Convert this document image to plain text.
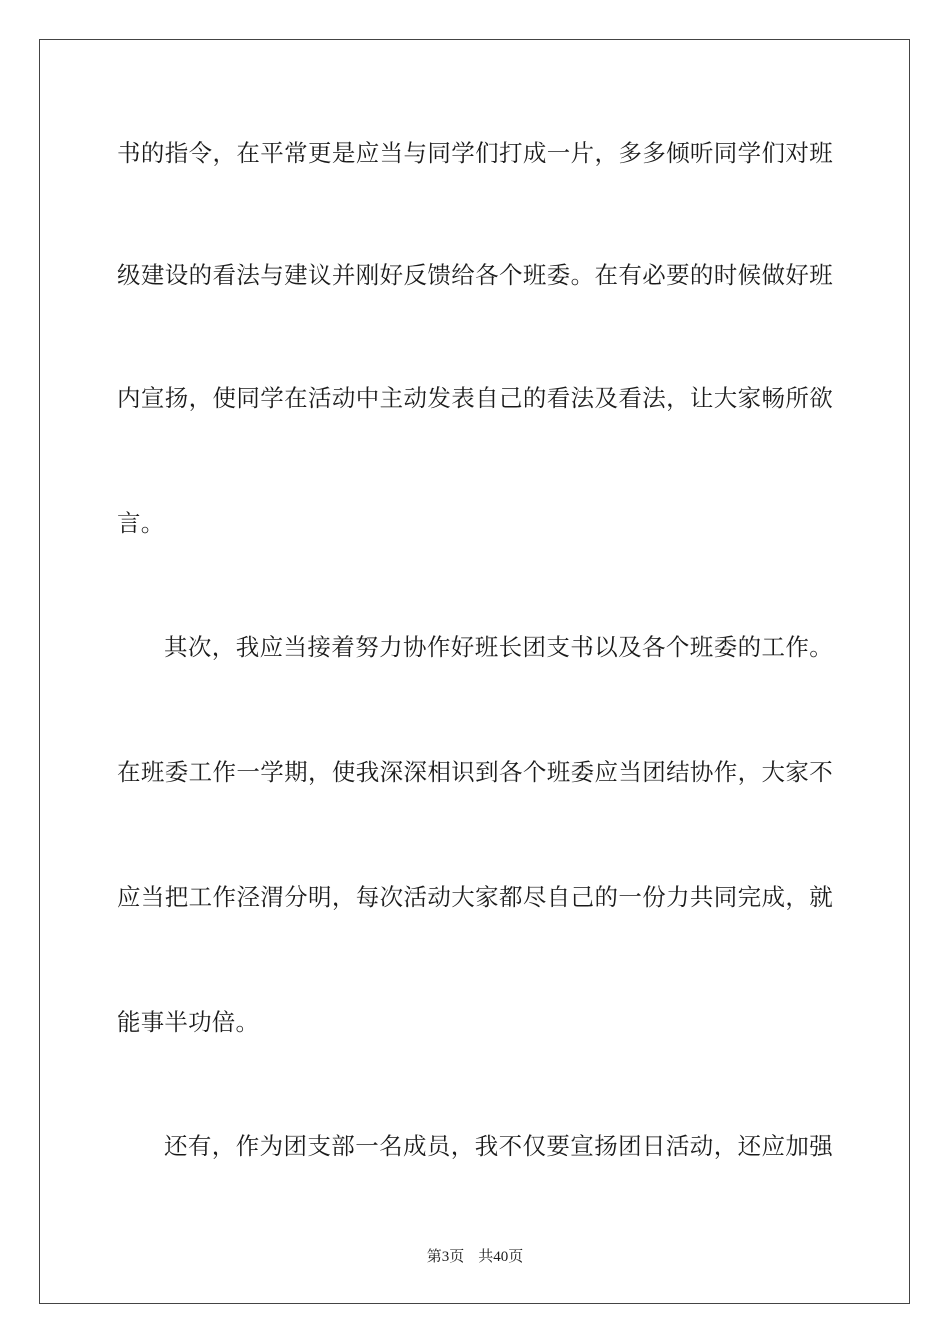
书的指令，在平常更是应当与同学们打成一片，多多倾听同学们对班
级建设的看法与建议并刚好反馈给各个班委。在有必要的时候做好班
内宣扬，使同学在活动中主动发表自己的看法及看法，让大家畅所欲
言。
其次，我应当接着努力协作好班长团支书以及各个班委的工作。
在班委工作一学期，使我深深相识到各个班委应当团结协作，大家不
应当把工作泾渭分明，每次活动大家都尽自己的一份力共同完成，就
能事半功倍。
还有，作为团支部一名成员，我不仅要宣扬团日活动，还应加强
第3页 共40页
